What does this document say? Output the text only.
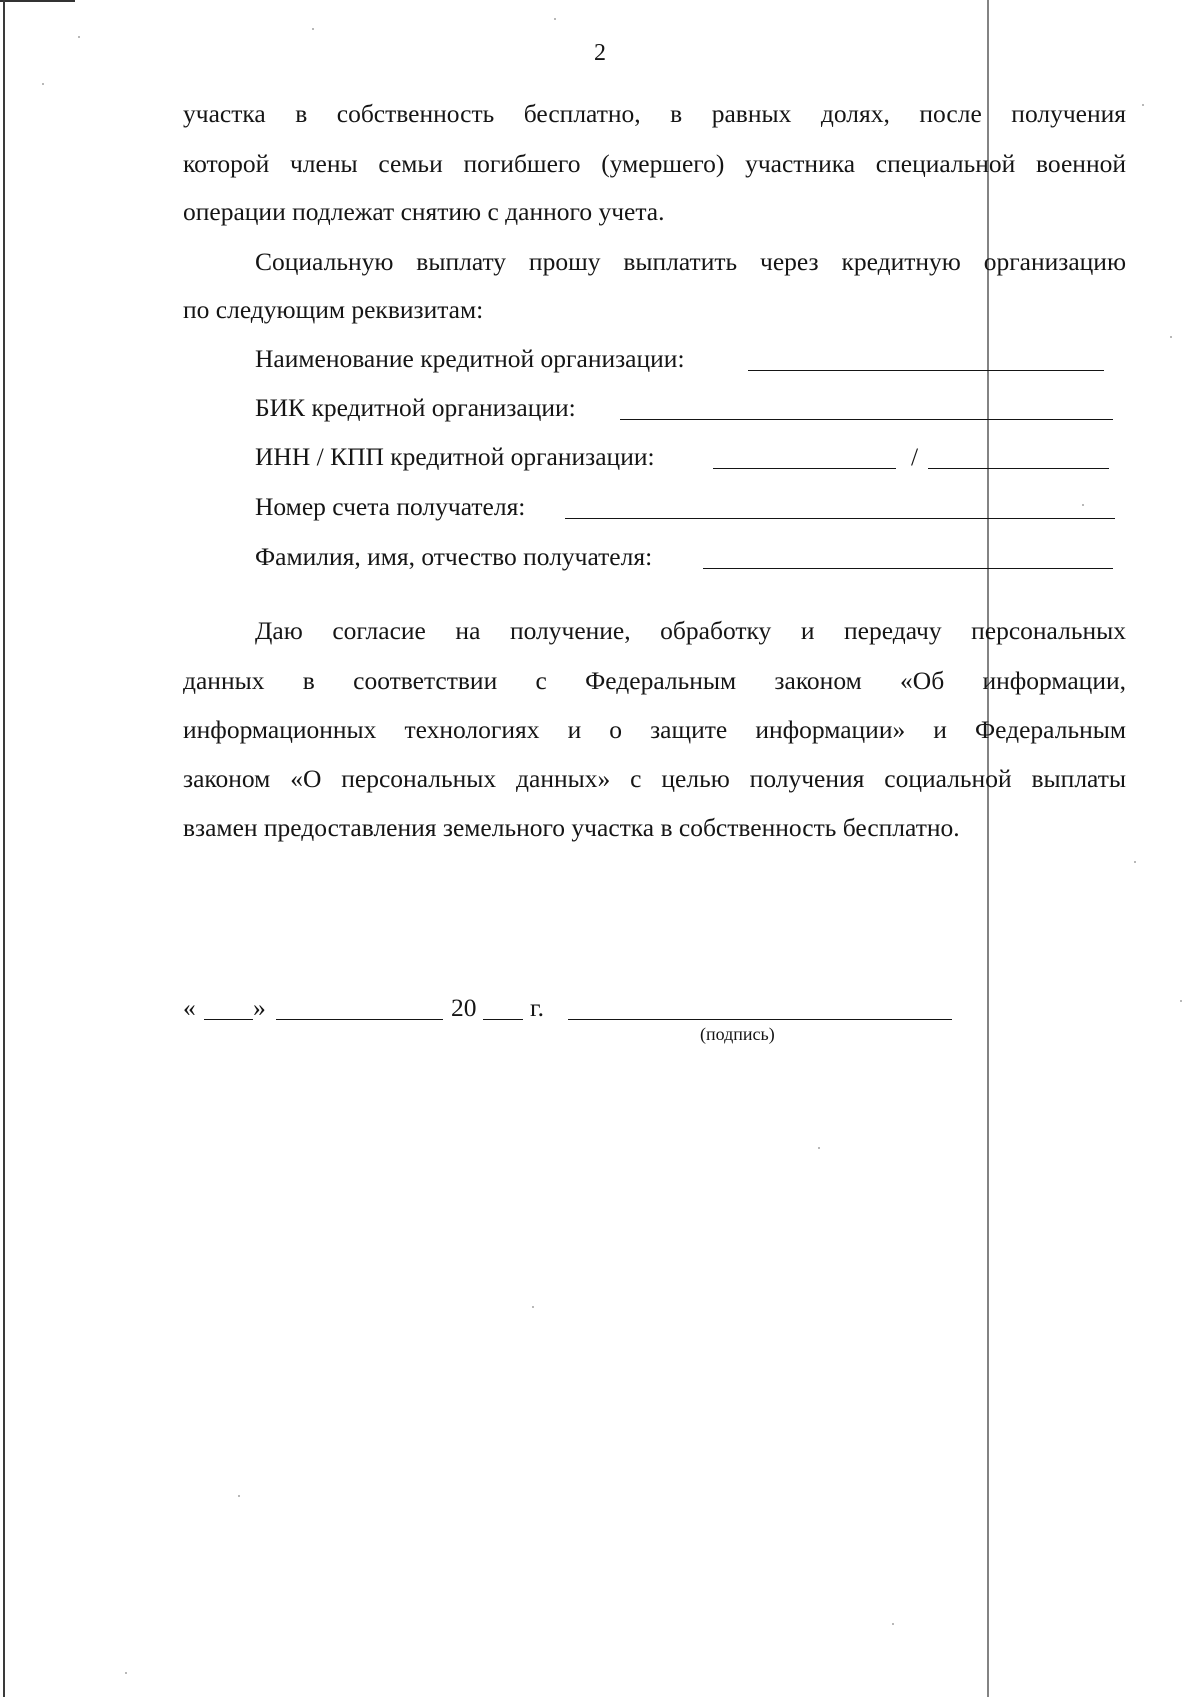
2
участка в собственность бесплатно, в равных долях, после получения
которой члены семьи погибшего (умершего) участника специальной военной
операции подлежат снятию с данного учета.
Социальную выплату прошу выплатить через кредитную организацию
по следующим реквизитам:
Наименование кредитной организации:
БИК кредитной организации:
ИНН / КПП кредитной организации:	/
Номер счета получателя:
Фамилия, имя, отчество получателя:
Даю согласие на получение, обработку и передачу персональных
данных в соответствии с Федеральным законом «Об информации,
информационных технологиях и о защите информации» и Федеральным
законом «О персональных данных» с целью получения социальной выплаты
взамен предоставления земельного участка в собственность бесплатно.
« »	20 г.
(подпись)
